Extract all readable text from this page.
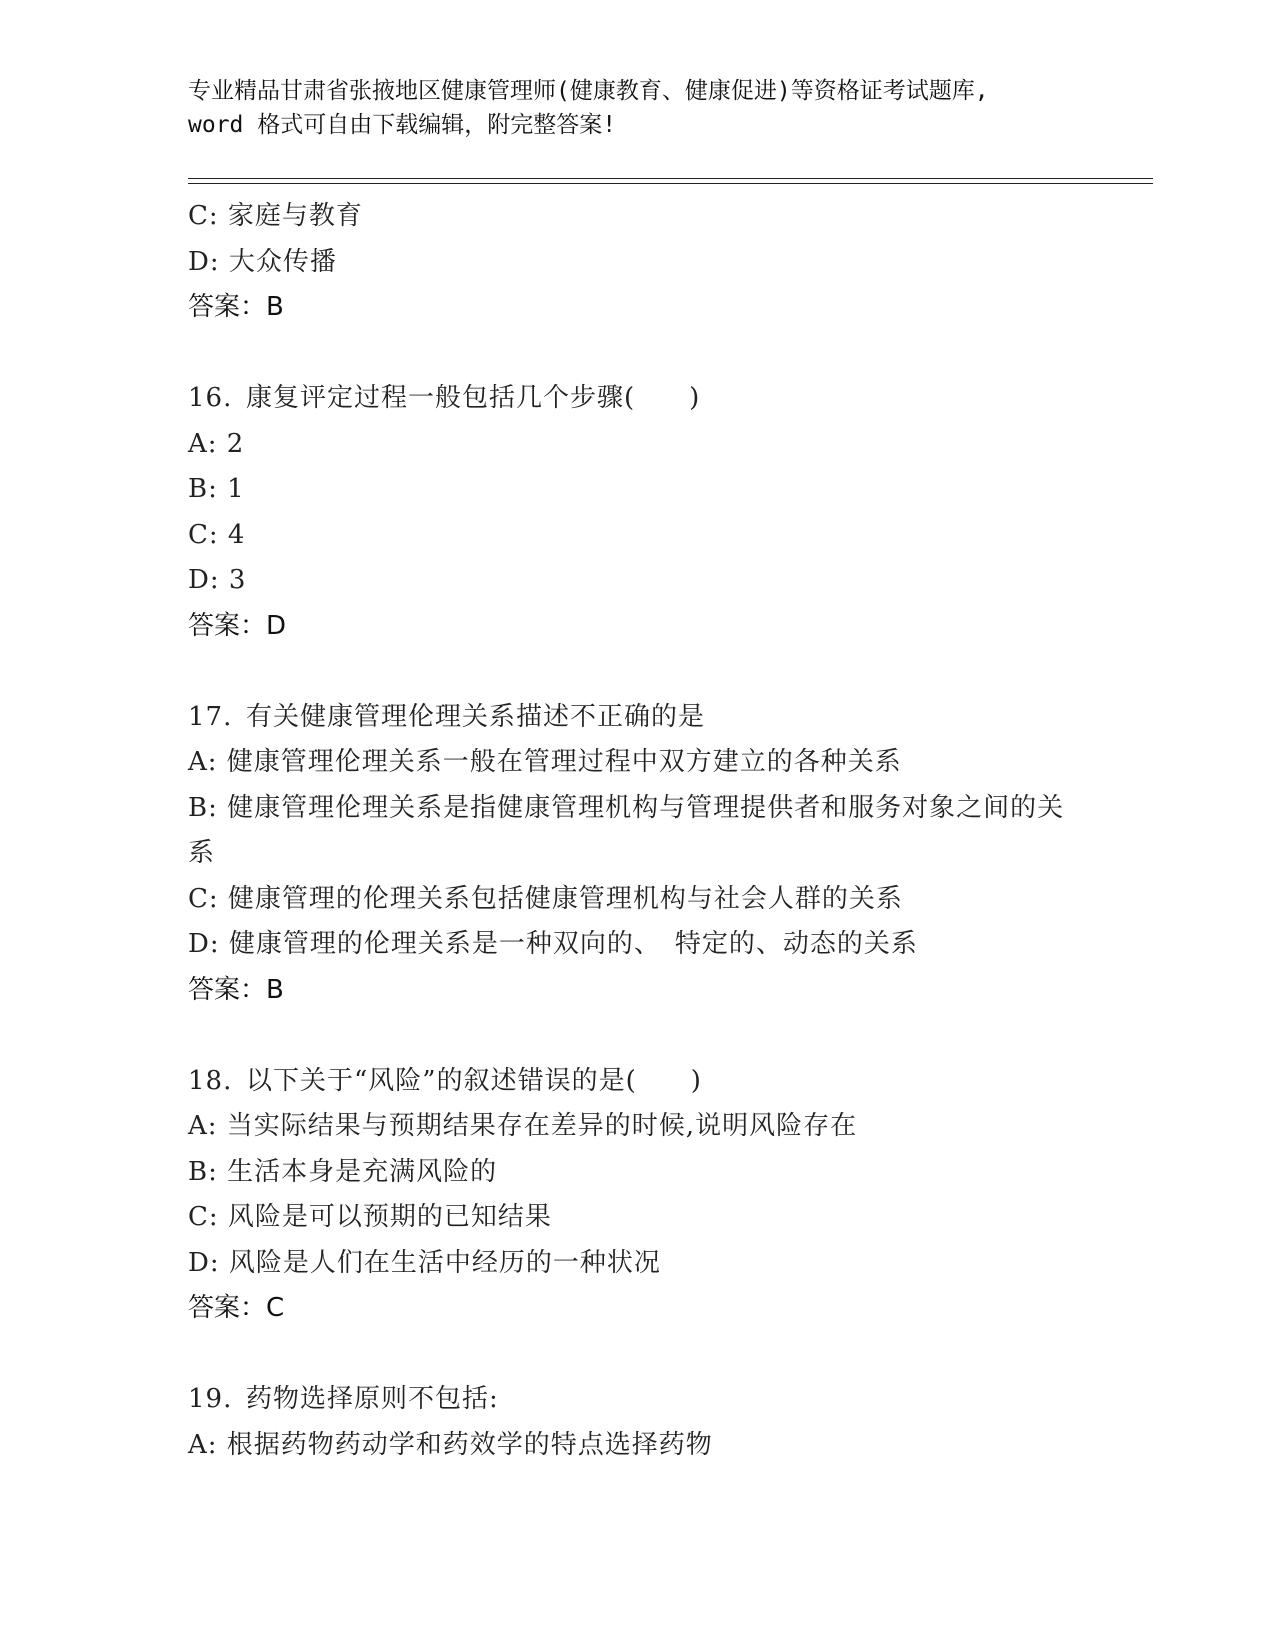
专业精品甘肃省张掖地区健康管理师(健康教育、健康促进)等资格证考试题库,
word 格式可自由下载编辑，附完整答案!
C: 家庭与教育
D: 大众传播
答案：B
16. 康复评定过程一般包括几个步骤(　　)
A: 2
B: 1
C: 4
D: 3
答案：D
17. 有关健康管理伦理关系描述不正确的是
A: 健康管理伦理关系一般在管理过程中双方建立的各种关系
B: 健康管理伦理关系是指健康管理机构与管理提供者和服务对象之间的关系
C: 健康管理的伦理关系包括健康管理机构与社会人群的关系
D: 健康管理的伦理关系是一种双向的、　特定的、动态的关系
答案：B
18. 以下关于“风险”的叙述错误的是(　　)
A: 当实际结果与预期结果存在差异的时候,说明风险存在
B: 生活本身是充满风险的
C: 风险是可以预期的已知结果
D: 风险是人们在生活中经历的一种状况
答案：C
19. 药物选择原则不包括:
A: 根据药物药动学和药效学的特点选择药物
